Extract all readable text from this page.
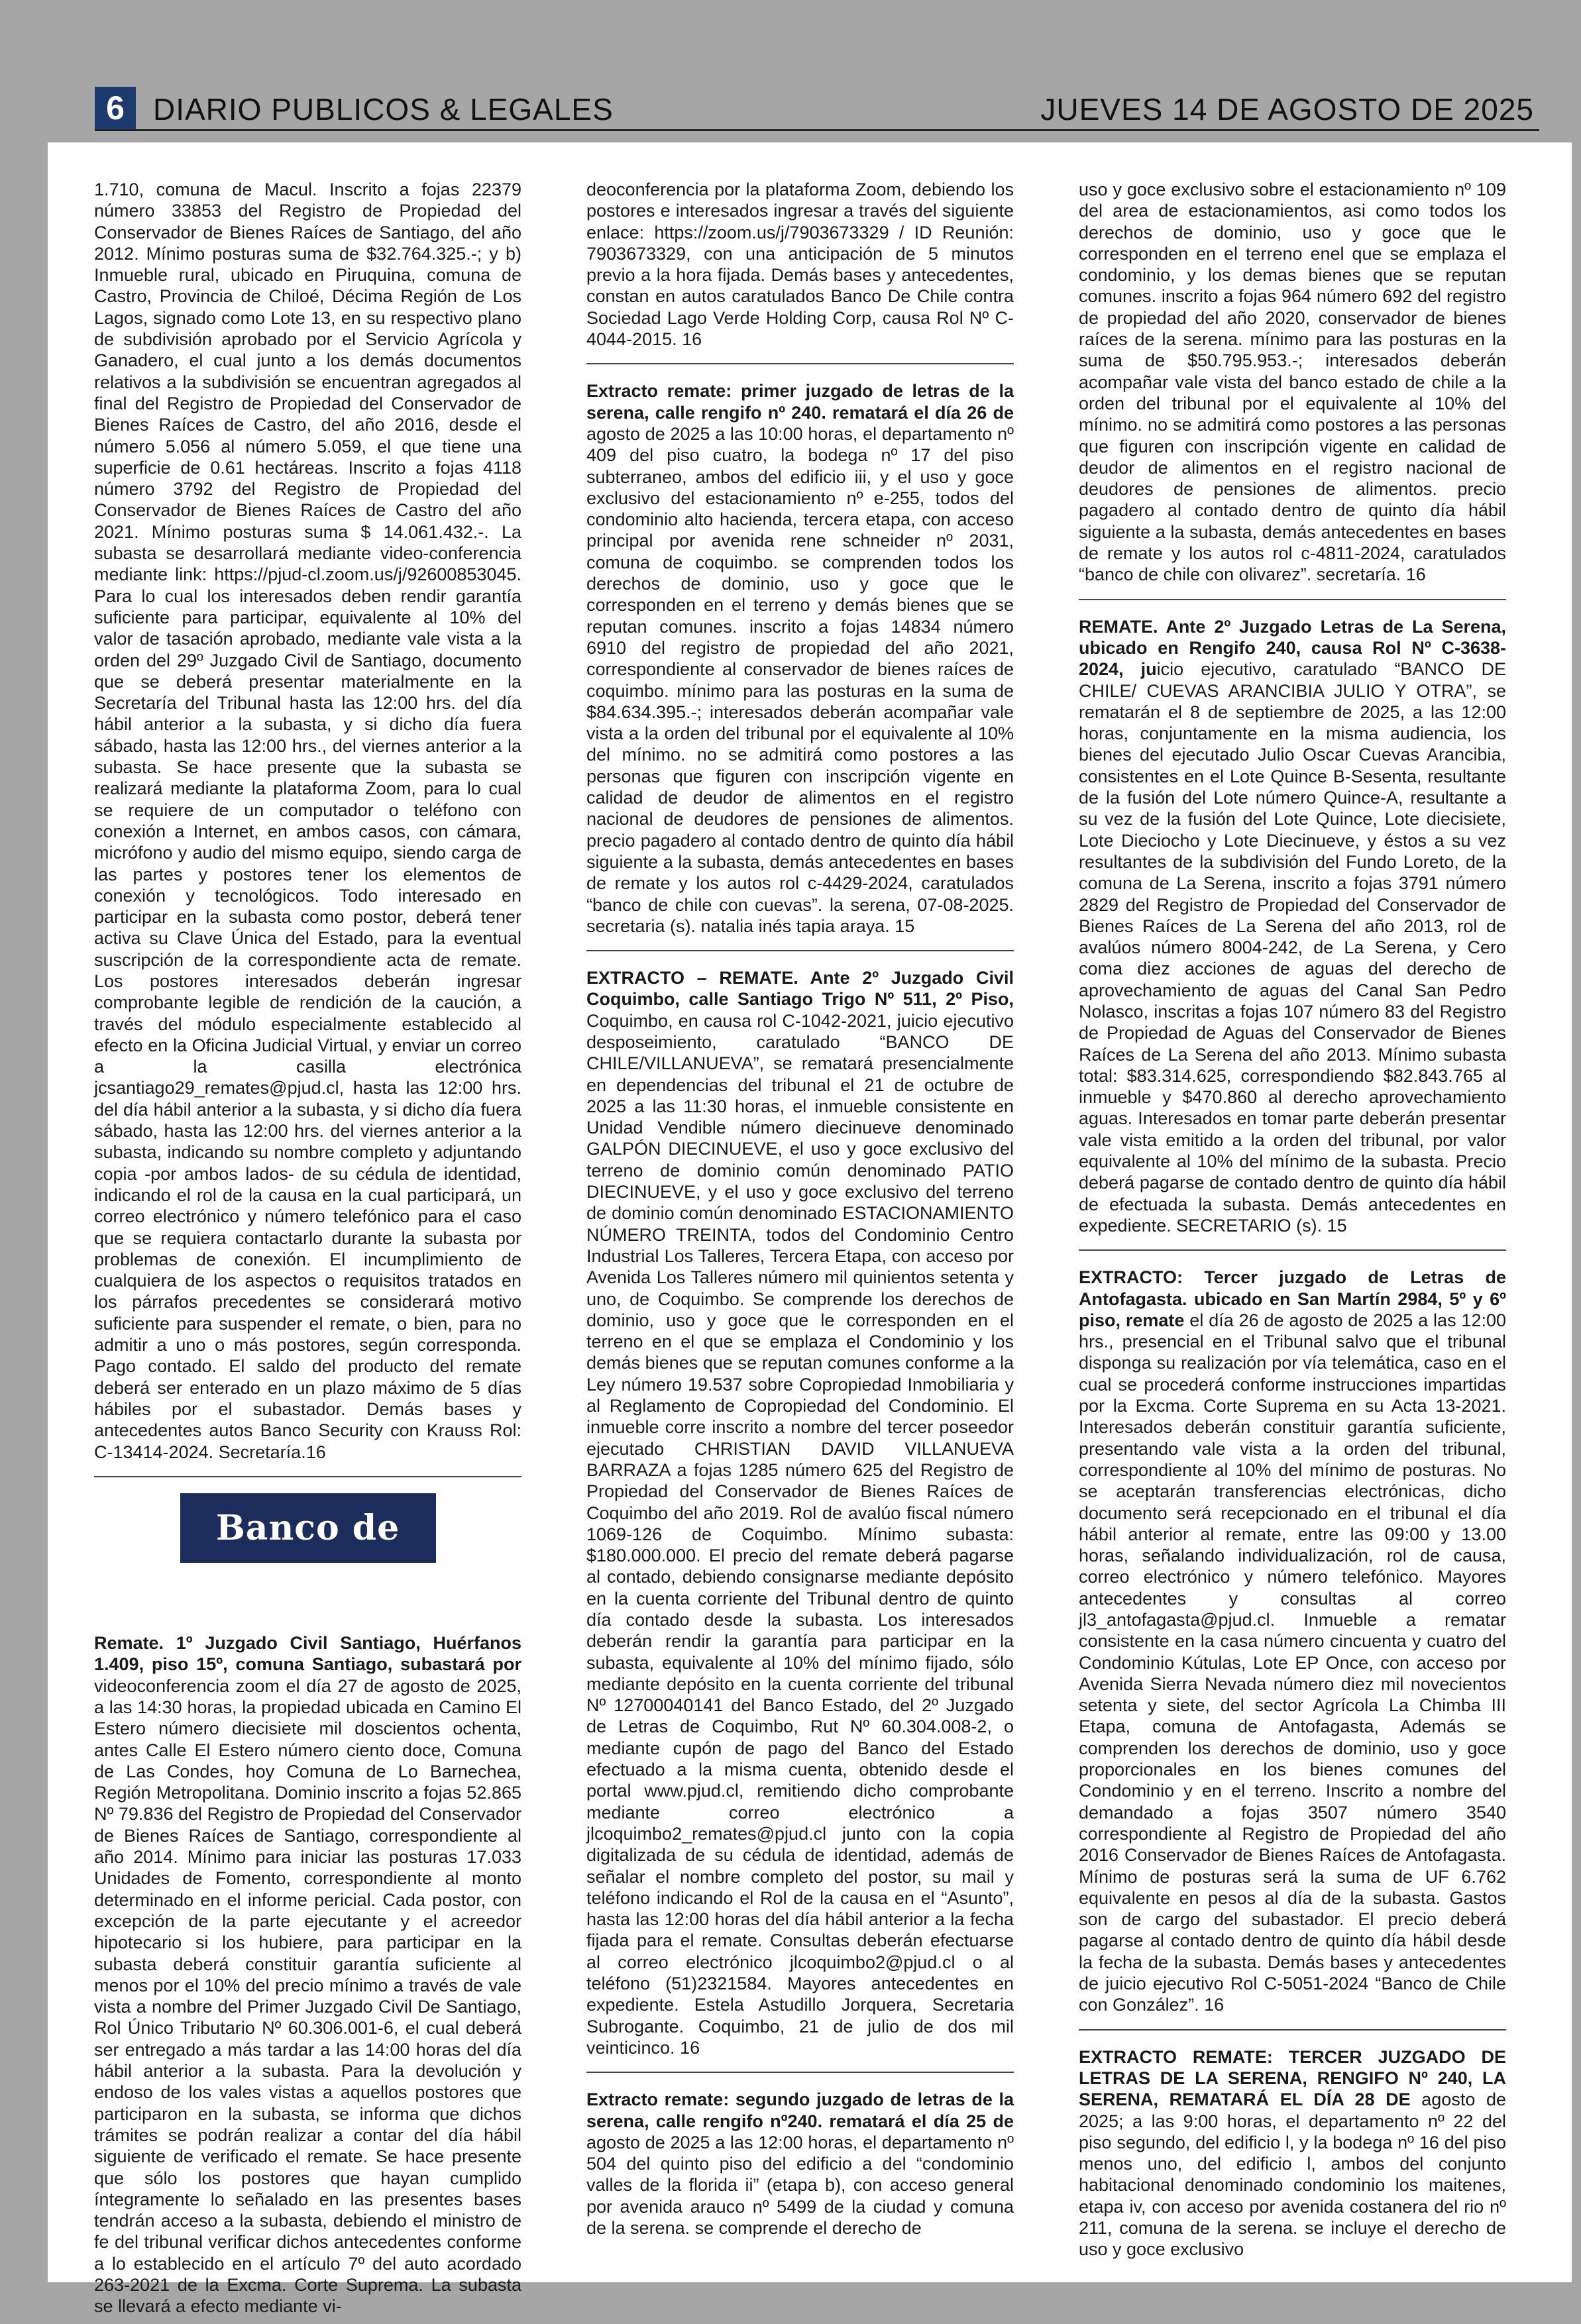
6 DIARIO PUBLICOS & LEGALES	JUEVES 14 DE AGOSTO DE 2025

1.710, comuna de Macul. Inscrito a fojas 22379 número 33853 del Registro de Propiedad del Conservador de Bienes Raíces de Santiago, del año 2012. Mínimo posturas suma de $32.764.325.-; y b) Inmueble rural, ubicado en Piruquina, comuna de Castro, Provincia de Chiloé, Décima Región de Los Lagos, signado como Lote 13, en su respectivo plano de subdivisión aprobado por el Servicio Agrícola y Ganadero, el cual junto a los demás documentos relativos a la subdivisión se encuentran agregados al final del Registro de Propiedad del Conservador de Bienes Raíces de Castro, del año 2016, desde el número 5.056 al número 5.059, el que tiene una superficie de 0.61 hectáreas. Inscrito a fojas 4118 número 3792 del Registro de Propiedad del Conservador de Bienes Raíces de Castro del año 2021. Mínimo posturas suma $ 14.061.432.-. La subasta se desarrollará mediante video-conferencia mediante link: https://pjud-cl.zoom.us/j/92600853045. Para lo cual los interesados deben rendir garantía suficiente para participar, equivalente al 10% del valor de tasación aprobado, mediante vale vista a la orden del 29º Juzgado Civil de Santiago, documento que se deberá presentar materialmente en la Secretaría del Tribunal hasta las 12:00 hrs. del día hábil anterior a la subasta, y si dicho día fuera sábado, hasta las 12:00 hrs., del viernes anterior a la subasta. Se hace presente que la subasta se realizará mediante la plataforma Zoom, para lo cual se requiere de un computador o teléfono con conexión a Internet, en ambos casos, con cámara, micrófono y audio del mismo equipo, siendo carga de las partes y postores tener los elementos de conexión y tecnológicos. Todo interesado en participar en la subasta como postor, deberá tener activa su Clave Única del Estado, para la eventual suscripción de la correspondiente acta de remate. Los postores interesados deberán ingresar comprobante legible de rendición de la caución, a través del módulo especialmente establecido al efecto en la Oficina Judicial Virtual, y enviar un correo a la casilla electrónica jcsantiago29_remates@pjud.cl, hasta las 12:00 hrs. del día hábil anterior a la subasta, y si dicho día fuera sábado, hasta las 12:00 hrs. del viernes anterior a la subasta, indicando su nombre completo y adjuntando copia -por ambos lados- de su cédula de identidad, indicando el rol de la causa en la cual participará, un correo electrónico y número telefónico para el caso que se requiera contactarlo durante la subasta por problemas de conexión. El incumplimiento de cualquiera de los aspectos o requisitos tratados en los párrafos precedentes se considerará motivo suficiente para suspender el remate, o bien, para no admitir a uno o más postores, según corresponda. Pago contado. El saldo del producto del remate deberá ser enterado en un plazo máximo de 5 días hábiles por el subastador. Demás bases y antecedentes autos Banco Security con Krauss Rol: C-13414-2024. Secretaría.16

Banco de Chile

Remate. 1º Juzgado Civil Santiago, Huérfanos 1.409, piso 15º, comuna Santiago, subastará por videoconferencia zoom el día 27 de agosto de 2025, a las 14:30 horas, la propiedad ubicada en Camino El Estero número diecisiete mil doscientos ochenta, antes Calle El Estero número ciento doce, Comuna de Las Condes, hoy Comuna de Lo Barnechea, Región Metropolitana. Dominio inscrito a fojas 52.865 Nº 79.836 del Registro de Propiedad del Conservador de Bienes Raíces de Santiago, correspondiente al año 2014. Mínimo para iniciar las posturas 17.033 Unidades de Fomento, correspondiente al monto determinado en el informe pericial. Cada postor, con excepción de la parte ejecutante y el acreedor hipotecario si los hubiere, para participar en la subasta deberá constituir garantía suficiente al menos por el 10% del precio mínimo a través de vale vista a nombre del Primer Juzgado Civil De Santiago, Rol Único Tributario Nº 60.306.001-6, el cual deberá ser entregado a más tardar a las 14:00 horas del día hábil anterior a la subasta. Para la devolución y endoso de los vales vistas a aquellos postores que participaron en la subasta, se informa que dichos trámites se podrán realizar a contar del día hábil siguiente de verificado el remate. Se hace presente que sólo los postores que hayan cumplido íntegramente lo señalado en las presentes bases tendrán acceso a la subasta, debiendo el ministro de fe del tribunal verificar dichos antecedentes conforme a lo establecido en el artículo 7º del auto acordado 263-2021 de la Excma. Corte Suprema. La subasta se llevará a efecto mediante vi-

deoconferencia por la plataforma Zoom, debiendo los postores e interesados ingresar a través del siguiente enlace: https://zoom.us/j/7903673329 / ID Reunión: 7903673329, con una anticipación de 5 minutos previo a la hora fijada. Demás bases y antecedentes, constan en autos caratulados Banco De Chile contra Sociedad Lago Verde Holding Corp, causa Rol Nº C-4044-2015. 16

Extracto remate: primer juzgado de letras de la serena, calle rengifo nº 240. rematará el día 26 de agosto de 2025 a las 10:00 horas, el departamento nº 409 del piso cuatro, la bodega nº 17 del piso subterraneo, ambos del edificio iii, y el uso y goce exclusivo del estacionamiento nº e-255, todos del condominio alto hacienda, tercera etapa, con acceso principal por avenida rene schneider nº 2031, comuna de coquimbo. se comprenden todos los derechos de dominio, uso y goce que le corresponden en el terreno y demás bienes que se reputan comunes. inscrito a fojas 14834 número 6910 del registro de propiedad del año 2021, correspondiente al conservador de bienes raíces de coquimbo. mínimo para las posturas en la suma de $84.634.395.-; interesados deberán acompañar vale vista a la orden del tribunal por el equivalente al 10% del mínimo. no se admitirá como postores a las personas que figuren con inscripción vigente en calidad de deudor de alimentos en el registro nacional de deudores de pensiones de alimentos. precio pagadero al contado dentro de quinto día hábil siguiente a la subasta, demás antecedentes en bases de remate y los autos rol c-4429-2024, caratulados “banco de chile con cuevas”. la serena, 07-08-2025. secretaria (s). natalia inés tapia araya. 15

EXTRACTO – REMATE. Ante 2º Juzgado Civil Coquimbo, calle Santiago Trigo Nº 511, 2º Piso, Coquimbo, en causa rol C-1042-2021, juicio ejecutivo desposeimiento, caratulado “BANCO DE CHILE/VILLANUEVA”, se rematará presencialmente en dependencias del tribunal el 21 de octubre de 2025 a las 11:30 horas, el inmueble consistente en Unidad Vendible número diecinueve denominado GALPÓN DIECINUEVE, el uso y goce exclusivo del terreno de dominio común denominado PATIO DIECINUEVE, y el uso y goce exclusivo del terreno de dominio común denominado ESTACIONAMIENTO NÚMERO TREINTA, todos del Condominio Centro Industrial Los Talleres, Tercera Etapa, con acceso por Avenida Los Talleres número mil quinientos setenta y uno, de Coquimbo. Se comprende los derechos de dominio, uso y goce que le corresponden en el terreno en el que se emplaza el Condominio y los demás bienes que se reputan comunes conforme a la Ley número 19.537 sobre Copropiedad Inmobiliaria y al Reglamento de Copropiedad del Condominio. El inmueble corre inscrito a nombre del tercer poseedor ejecutado CHRISTIAN DAVID VILLANUEVA BARRAZA a fojas 1285 número 625 del Registro de Propiedad del Conservador de Bienes Raíces de Coquimbo del año 2019. Rol de avalúo fiscal número 1069-126 de Coquimbo. Mínimo subasta: $180.000.000. El precio del remate deberá pagarse al contado, debiendo consignarse mediante depósito en la cuenta corriente del Tribunal dentro de quinto día contado desde la subasta. Los interesados deberán rendir la garantía para participar en la subasta, equivalente al 10% del mínimo fijado, sólo mediante depósito en la cuenta corriente del tribunal Nº 12700040141 del Banco Estado, del 2º Juzgado de Letras de Coquimbo, Rut Nº 60.304.008-2, o mediante cupón de pago del Banco del Estado efectuado a la misma cuenta, obtenido desde el portal www.pjud.cl, remitiendo dicho comprobante mediante correo electrónico a jlcoquimbo2_remates@pjud.cl junto con la copia digitalizada de su cédula de identidad, además de señalar el nombre completo del postor, su mail y teléfono indicando el Rol de la causa en el “Asunto”, hasta las 12:00 horas del día hábil anterior a la fecha fijada para el remate. Consultas deberán efectuarse al correo electrónico jlcoquimbo2@pjud.cl o al teléfono (51)2321584. Mayores antecedentes en expediente. Estela Astudillo Jorquera, Secretaria Subrogante. Coquimbo, 21 de julio de dos mil veinticinco. 16

Extracto remate: segundo juzgado de letras de la serena, calle rengifo nº240. rematará el día 25 de agosto de 2025 a las 12:00 horas, el departamento nº 504 del quinto piso del edificio a del “condominio valles de la florida ii” (etapa b), con acceso general por avenida arauco nº 5499 de la ciudad y comuna de la serena. se comprende el derecho de

uso y goce exclusivo sobre el estacionamiento nº 109 del area de estacionamientos, asi como todos los derechos de dominio, uso y goce que le corresponden en el terreno enel que se emplaza el condominio, y los demas bienes que se reputan comunes. inscrito a fojas 964 número 692 del registro de propiedad del año 2020, conservador de bienes raíces de la serena. mínimo para las posturas en la suma de $50.795.953.-; interesados deberán acompañar vale vista del banco estado de chile a la orden del tribunal por el equivalente al 10% del mínimo. no se admitirá como postores a las personas que figuren con inscripción vigente en calidad de deudor de alimentos en el registro nacional de deudores de pensiones de alimentos. precio pagadero al contado dentro de quinto día hábil siguiente a la subasta, demás antecedentes en bases de remate y los autos rol c-4811-2024, caratulados “banco de chile con olivarez”. secretaría. 16

REMATE. Ante 2º Juzgado Letras de La Serena, ubicado en Rengifo 240, causa Rol Nº C-3638-2024, juicio ejecutivo, caratulado “BANCO DE CHILE/ CUEVAS ARANCIBIA JULIO Y OTRA”, se rematarán el 8 de septiembre de 2025, a las 12:00 horas, conjuntamente en la misma audiencia, los bienes del ejecutado Julio Oscar Cuevas Arancibia, consistentes en el Lote Quince B-Sesenta, resultante de la fusión del Lote número Quince-A, resultante a su vez de la fusión del Lote Quince, Lote diecisiete, Lote Dieciocho y Lote Diecinueve, y éstos a su vez resultantes de la subdivisión del Fundo Loreto, de la comuna de La Serena, inscrito a fojas 3791 número 2829 del Registro de Propiedad del Conservador de Bienes Raíces de La Serena del año 2013, rol de avalúos número 8004-242, de La Serena, y Cero coma diez acciones de aguas del derecho de aprovechamiento de aguas del Canal San Pedro Nolasco, inscritas a fojas 107 número 83 del Registro de Propiedad de Aguas del Conservador de Bienes Raíces de La Serena del año 2013. Mínimo subasta total: $83.314.625, correspondiendo $82.843.765 al inmueble y $470.860 al derecho aprovechamiento aguas. Interesados en tomar parte deberán presentar vale vista emitido a la orden del tribunal, por valor equivalente al 10% del mínimo de la subasta. Precio deberá pagarse de contado dentro de quinto día hábil de efectuada la subasta. Demás antecedentes en expediente. SECRETARIO (s). 15

EXTRACTO: Tercer juzgado de Letras de Antofagasta. ubicado en San Martín 2984, 5º y 6º piso, remate el día 26 de agosto de 2025 a las 12:00 hrs., presencial en el Tribunal salvo que el tribunal disponga su realización por vía telemática, caso en el cual se procederá conforme instrucciones impartidas por la Excma. Corte Suprema en su Acta 13-2021. Interesados deberán constituir garantía suficiente, presentando vale vista a la orden del tribunal, correspondiente al 10% del mínimo de posturas. No se aceptarán transferencias electrónicas, dicho documento será recepcionado en el tribunal el día hábil anterior al remate, entre las 09:00 y 13.00 horas, señalando individualización, rol de causa, correo electrónico y número telefónico. Mayores antecedentes y consultas al correo jl3_antofagasta@pjud.cl. Inmueble a rematar consistente en la casa número cincuenta y cuatro del Condominio Kútulas, Lote EP Once, con acceso por Avenida Sierra Nevada número diez mil novecientos setenta y siete, del sector Agrícola La Chimba III Etapa, comuna de Antofagasta, Además se comprenden los derechos de dominio, uso y goce proporcionales en los bienes comunes del Condominio y en el terreno. Inscrito a nombre del demandado a fojas 3507 número 3540 correspondiente al Registro de Propiedad del año 2016 Conservador de Bienes Raíces de Antofagasta. Mínimo de posturas será la suma de UF 6.762 equivalente en pesos al día de la subasta. Gastos son de cargo del subastador. El precio deberá pagarse al contado dentro de quinto día hábil desde la fecha de la subasta. Demás bases y antecedentes de juicio ejecutivo Rol C-5051-2024 “Banco de Chile con González”. 16

EXTRACTO REMATE: TERCER JUZGADO DE LETRAS DE LA SERENA, RENGIFO Nº 240, LA SERENA, REMATARÁ EL DÍA 28 DE agosto de 2025; a las 9:00 horas, el departamento nº 22 del piso segundo, del edificio l, y la bodega nº 16 del piso menos uno, del edificio l, ambos del conjunto habitacional denominado condominio los maitenes, etapa iv, con acceso por avenida costanera del rio nº 211, comuna de la serena. se incluye el derecho de uso y goce exclusivo
